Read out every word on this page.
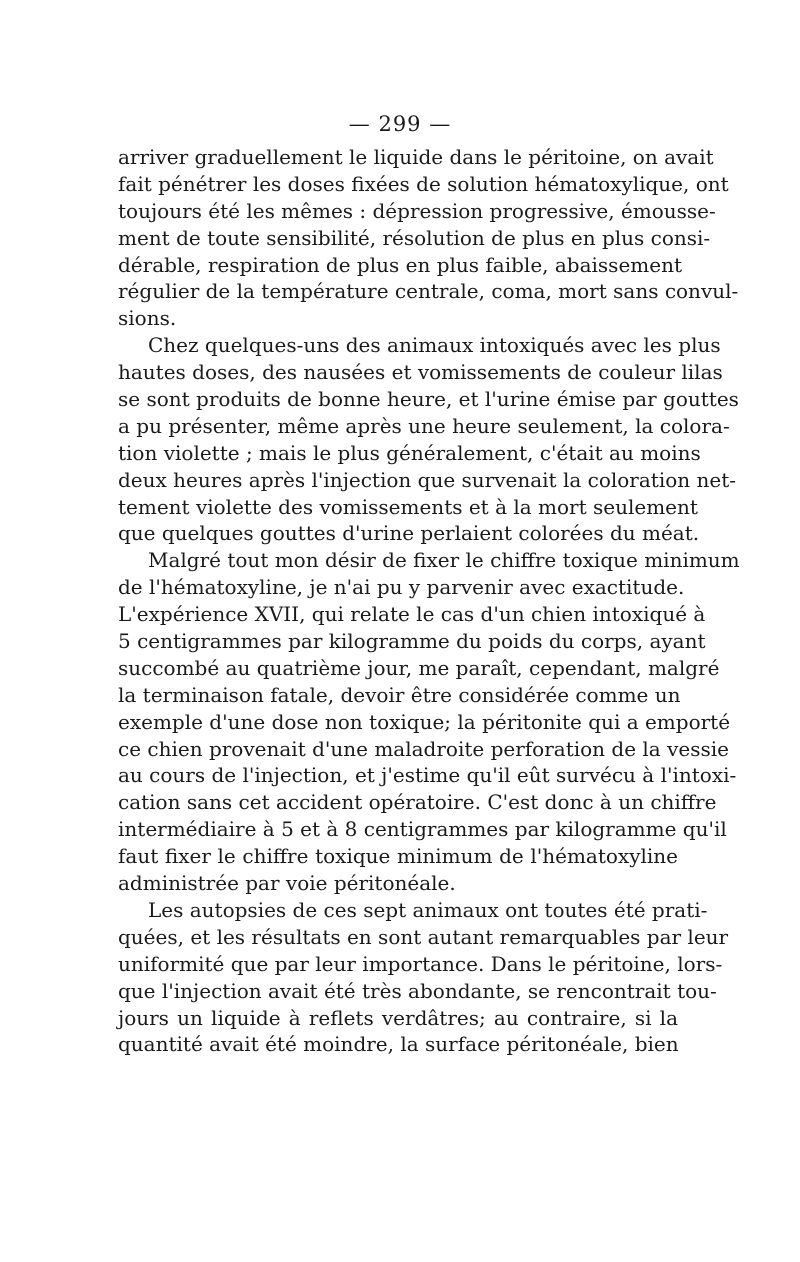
— 299 —
arriver graduellement le liquide dans le péritoine, on avait
fait pénétrer les doses fixées de solution hématoxylique, ont
toujours été les mêmes : dépression progressive, émousse-
ment de toute sensibilité, résolution de plus en plus consi-
dérable, respiration de plus en plus faible, abaissement
régulier de la température centrale, coma, mort sans convul-
sions.
Chez quelques-uns des animaux intoxiqués avec les plus
hautes doses, des nausées et vomissements de couleur lilas
se sont produits de bonne heure, et l'urine émise par gouttes
a pu présenter, même après une heure seulement, la colora-
tion violette ; mais le plus généralement, c'était au moins
deux heures après l'injection que survenait la coloration net-
tement violette des vomissements et à la mort seulement
que quelques gouttes d'urine perlaient colorées du méat.
Malgré tout mon désir de fixer le chiffre toxique minimum
de l'hématoxyline, je n'ai pu y parvenir avec exactitude.
L'expérience XVII, qui relate le cas d'un chien intoxiqué à
5 centigrammes par kilogramme du poids du corps, ayant
succombé au quatrième jour, me paraît, cependant, malgré
la terminaison fatale, devoir être considérée comme un
exemple d'une dose non toxique; la péritonite qui a emporté
ce chien provenait d'une maladroite perforation de la vessie
au cours de l'injection, et j'estime qu'il eût survécu à l'intoxi-
cation sans cet accident opératoire. C'est donc à un chiffre
intermédiaire à 5 et à 8 centigrammes par kilogramme qu'il
faut fixer le chiffre toxique minimum de l'hématoxyline
administrée par voie péritonéale.
Les autopsies de ces sept animaux ont toutes été prati-
quées, et les résultats en sont autant remarquables par leur
uniformité que par leur importance. Dans le péritoine, lors-
que l'injection avait été très abondante, se rencontrait tou-
jours un liquide à reflets verdâtres; au contraire, si la
quantité avait été moindre, la surface péritonéale, bien
